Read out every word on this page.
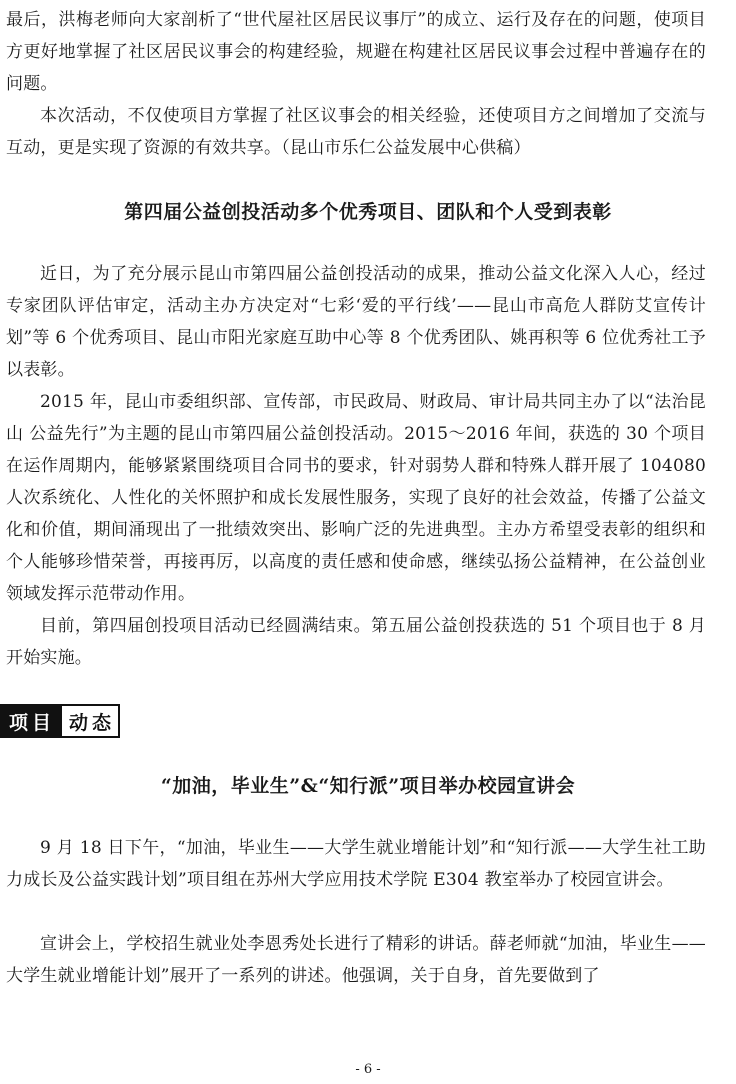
最后，洪梅老师向大家剖析了“世代屋社区居民议事厅”的成立、运行及存在的问题，使项目方更好地掌握了社区居民议事会的构建经验，规避在构建社区居民议事会过程中普遍存在的问题。

本次活动，不仅使项目方掌握了社区议事会的相关经验，还使项目方之间增加了交流与互动，更是实现了资源的有效共享。（昆山市乐仁公益发展中心供稿）

第四届公益创投活动多个优秀项目、团队和个人受到表彰

近日，为了充分展示昆山市第四届公益创投活动的成果，推动公益文化深入人心，经过专家团队评估审定，活动主办方决定对“七彩‘爱的平行线’——昆山市高危人群防艾宣传计划”等 6 个优秀项目、昆山市阳光家庭互助中心等 8 个优秀团队、姚再积等 6 位优秀社工予以表彰。

2015 年，昆山市委组织部、宣传部，市民政局、财政局、审计局共同主办了以“法治昆山 公益先行”为主题的昆山市第四届公益创投活动。2015～2016 年间，获选的 30 个项目在运作周期内，能够紧紧围绕项目合同书的要求，针对弱势人群和特殊人群开展了 104080 人次系统化、人性化的关怀照护和成长发展性服务，实现了良好的社会效益，传播了公益文化和价值，期间涌现出了一批绩效突出、影响广泛的先进典型。主办方希望受表彰的组织和个人能够珍惜荣誉，再接再厉，以高度的责任感和使命感，继续弘扬公益精神，在公益创业领域发挥示范带动作用。

目前，第四届创投项目活动已经圆满结束。第五届公益创投获选的 51 个项目也于 8 月开始实施。

项目 动态
“加油，毕业生”&“知行派”项目举办校园宣讲会

9 月 18 日下午，“加油，毕业生——大学生就业增能计划”和“知行派——大学生社工助力成长及公益实践计划”项目组在苏州大学应用技术学院 E304 教室举办了校园宣讲会。

宣讲会上，学校招生就业处李恩秀处长进行了精彩的讲话。薛老师就“加油，毕业生——大学生就业增能计划”展开了一系列的讲述。他强调，关于自身，首先要做到了

- 6 -
